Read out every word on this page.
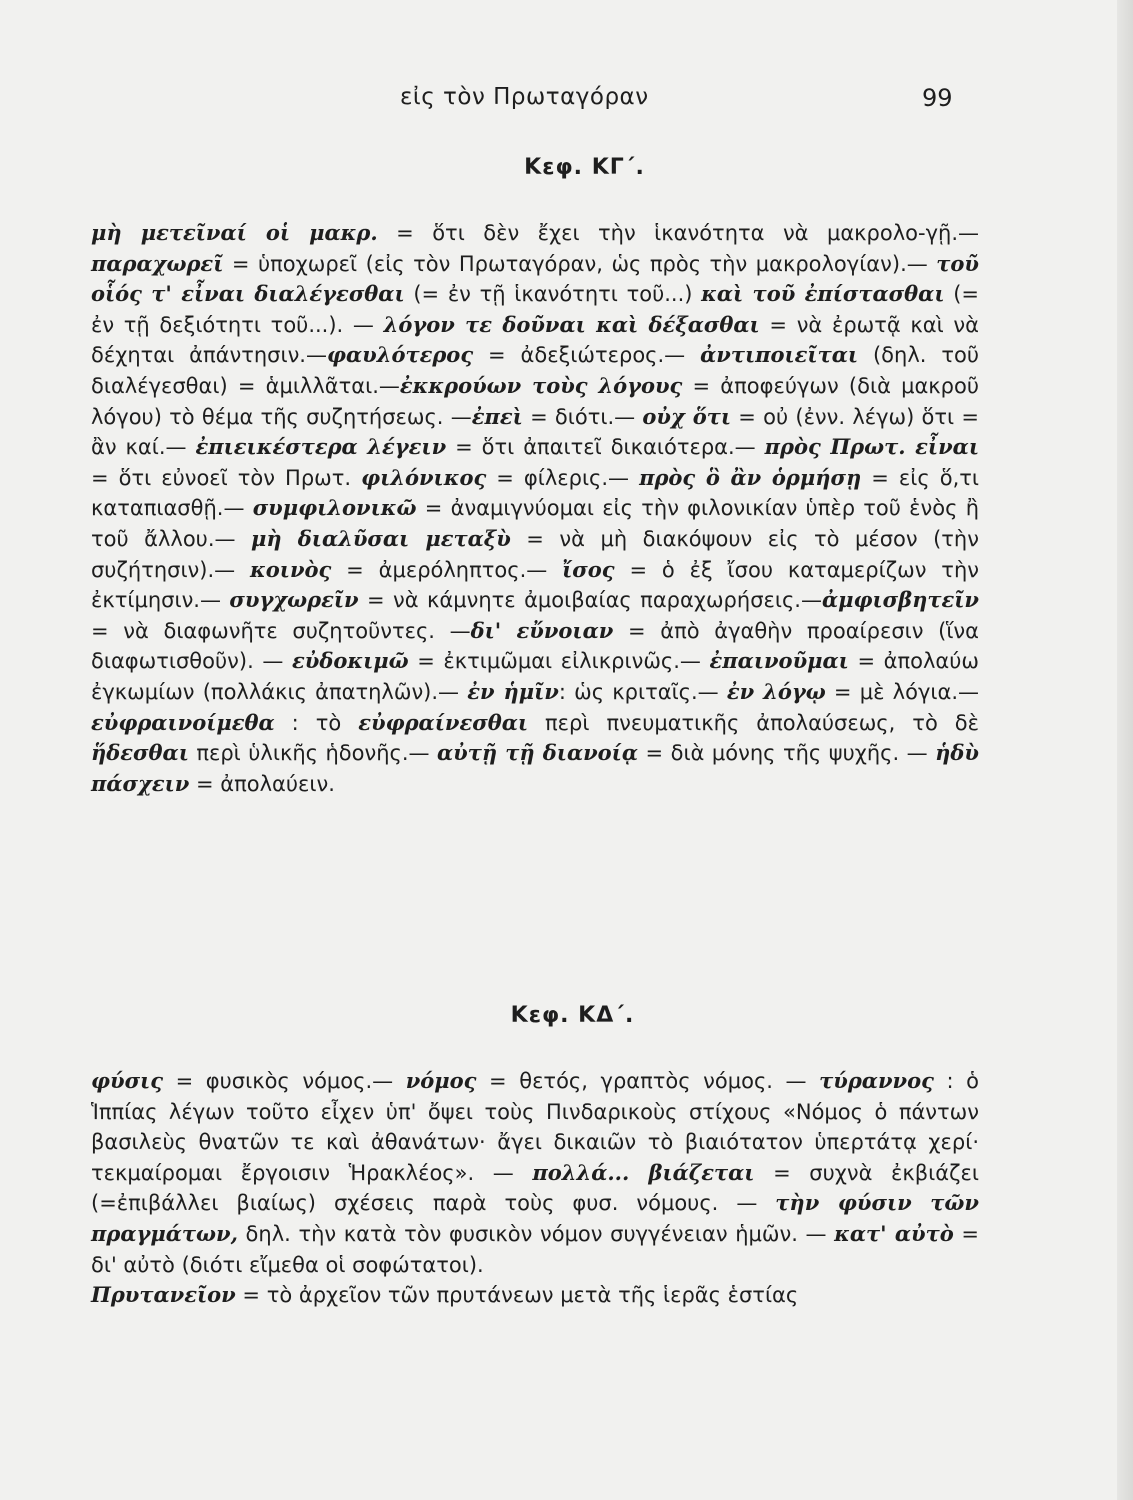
εἰς τὸν Πρωταγόραν	99
Κεφ. ΚΓ΄.

μὴ μετεῖναί οἱ μακρ. = ὅτι δὲν ἔχει τὴν ἱκανότητα νὰ μακρολο-γῇ.— παραχωρεῖ = ὑποχωρεῖ (εἰς τὸν Πρωταγόραν, ὡς πρὸς τὴν μακρολογίαν).— τοῦ οἷός τ' εἶναι διαλέγεσθαι (= ἐν τῇ ἱκανότητι τοῦ...) καὶ τοῦ ἐπίστασθαι (= ἐν τῇ δεξιότητι τοῦ...). — λόγον τε δοῦναι καὶ δέξασθαι = νὰ ἐρωτᾷ καὶ νὰ δέχηται ἀπάντησιν.—φαυλότερος = ἀδεξιώτερος.— ἀντιποιεῖται (δηλ. τοῦ διαλέγεσθαι) = ἁμιλλᾶται.—ἐκκρούων τοὺς λόγους = ἀποφεύγων (διὰ μακροῦ λόγου) τὸ θέμα τῆς συζητήσεως. —ἐπεὶ = διότι.— οὐχ ὅτι = οὐ (ἐνν. λέγω) ὅτι = ἂν καί.— ἐπιεικέστερα λέγειν = ὅτι ἀπαιτεῖ δικαιότερα.— πρὸς Πρωτ. εἶναι = ὅτι εὐνοεῖ τὸν Πρωτ. φιλόνικος = φίλερις.— πρὸς ὃ ἂν ὁρμήσῃ = εἰς ὅ,τι καταπιασθῇ.— συμφιλονικῶ = ἀναμιγνύομαι εἰς τὴν φιλονικίαν ὑπὲρ τοῦ ἑνὸς ἢ τοῦ ἄλλου.— μὴ διαλῦσαι μεταξὺ = νὰ μὴ διακόψουν εἰς τὸ μέσον (τὴν συζήτησιν).— κοινὸς = ἀμερόληπτος.— ἴσος = ὁ ἐξ ἴσου καταμερίζων τὴν ἐκτίμησιν.— συγχωρεῖν = νὰ κάμνητε ἀμοιβαίας παραχωρήσεις.—ἀμφισβητεῖν = νὰ διαφωνῆτε συζητοῦντες. —δι' εὔνοιαν = ἀπὸ ἀγαθὴν προαίρεσιν (ἵνα διαφωτισθοῦν). — εὐδοκιμῶ = ἐκτιμῶμαι εἰλικρινῶς.— ἐπαινοῦμαι = ἀπολαύω ἐγκωμίων (πολλάκις ἀπατηλῶν).— ἐν ἡμῖν: ὡς κριταῖς.— ἐν λόγῳ = μὲ λόγια.— εὐφραινοίμεθα : τὸ εὐφραίνεσθαι περὶ πνευματικῆς ἀπολαύσεως, τὸ δὲ ἥδεσθαι περὶ ὑλικῆς ἡδονῆς.— αὐτῇ τῇ διανοίᾳ = διὰ μόνης τῆς ψυχῆς. — ἡδὺ πάσχειν = ἀπολαύειν.

Κεφ. ΚΔ΄.

φύσις = φυσικὸς νόμος.— νόμος = θετός, γραπτὸς νόμος. — τύραννος : ὁ Ἱππίας λέγων τοῦτο εἶχεν ὑπ' ὄψει τοὺς Πινδαρικοὺς στίχους «Νόμος ὁ πάντων βασιλεὺς θνατῶν τε καὶ ἀθανάτων· ἄγει δικαιῶν τὸ βιαιότατον ὑπερτάτᾳ χερί· τεκμαίρομαι ἔργοισιν Ἡρακλέος». — πολλά... βιάζεται = συχνὰ ἐκβιάζει (=ἐπιβάλλει βιαίως) σχέσεις παρὰ τοὺς φυσ. νόμους. — τὴν φύσιν τῶν πραγμάτων, δηλ. τὴν κατὰ τὸν φυσικὸν νόμον συγγένειαν ἡμῶν. — κατ' αὐτὸ = δι' αὐτὸ (διότι εἴμεθα οἱ σοφώτατοι).

Πρυτανεῖον = τὸ ἀρχεῖον τῶν πρυτάνεων μετὰ τῆς ἱερᾶς ἑστίας
